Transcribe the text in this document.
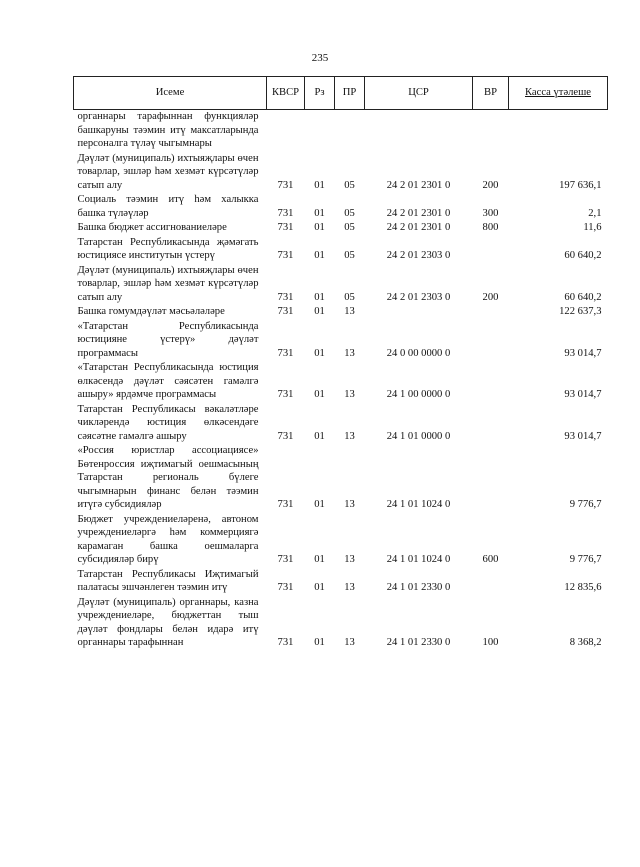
235
Исеме	КВСР	Рз	ПР	ЦСР	ВР	Касса үтәлеше
органнары тарафыннан функцияләр башкаруны тәэмин итү максатларында персоналга түләү чыгымнары						
Дәүләт (муниципаль) ихтыяҗлары өчен товарлар, эшләр һәм хезмәт күрсәтүләр сатып алу	731	01	05	24 2 01 2301 0	200	197 636,1
Социаль тәэмин итү һәм халыкка башка түләүләр	731	01	05	24 2 01 2301 0	300	2,1
Башка бюджет ассигнованиеләре	731	01	05	24 2 01 2301 0	800	11,6
Татарстан Республикасында җәмәгать юстициясе институтын үстерү	731	01	05	24 2 01 2303 0		60 640,2
Дәүләт (муниципаль) ихтыяҗлары өчен товарлар, эшләр һәм хезмәт күрсәтүләр сатып алу	731	01	05	24 2 01 2303 0	200	60 640,2
Башка гомумдәүләт мәсьәләләре	731	01	13			122 637,3
«Татарстан Республикасында юстицияне үстерү» дәүләт программасы	731	01	13	24 0 00 0000 0		93 014,7
«Татарстан Республикасында юстиция өлкәсендә дәүләт сәясәтен гамәлгә ашыру» ярдәмче программасы	731	01	13	24 1 00 0000 0		93 014,7
Татарстан Республикасы вәкаләтләре чикләрендә юстиция өлкәсендәге сәясәтне гамәлгә ашыру	731	01	13	24 1 01 0000 0		93 014,7
«Россия юристлар ассоциациясе» Бөтенроссия иҗтимагый оешмасының Татарстан региональ бүлеге чыгымнарын финанс белән тәэмин итүгә субсидияләр	731	01	13	24 1 01 1024 0		9 776,7
Бюджет учреждениеләренә, автоном учреждениеләргә һәм коммерциягә карамаган башка оешмаларга субсидияләр бирү	731	01	13	24 1 01 1024 0	600	9 776,7
Татарстан Республикасы Иҗтимагый палатасы эшчәнлеген тәэмин итү	731	01	13	24 1 01 2330 0		12 835,6
Дәүләт (муниципаль) органнары, казна учреждениеләре, бюджеттан тыш дәүләт фондлары белән идарә итү органнары тарафыннан	731	01	13	24 1 01 2330 0	100	8 368,2
